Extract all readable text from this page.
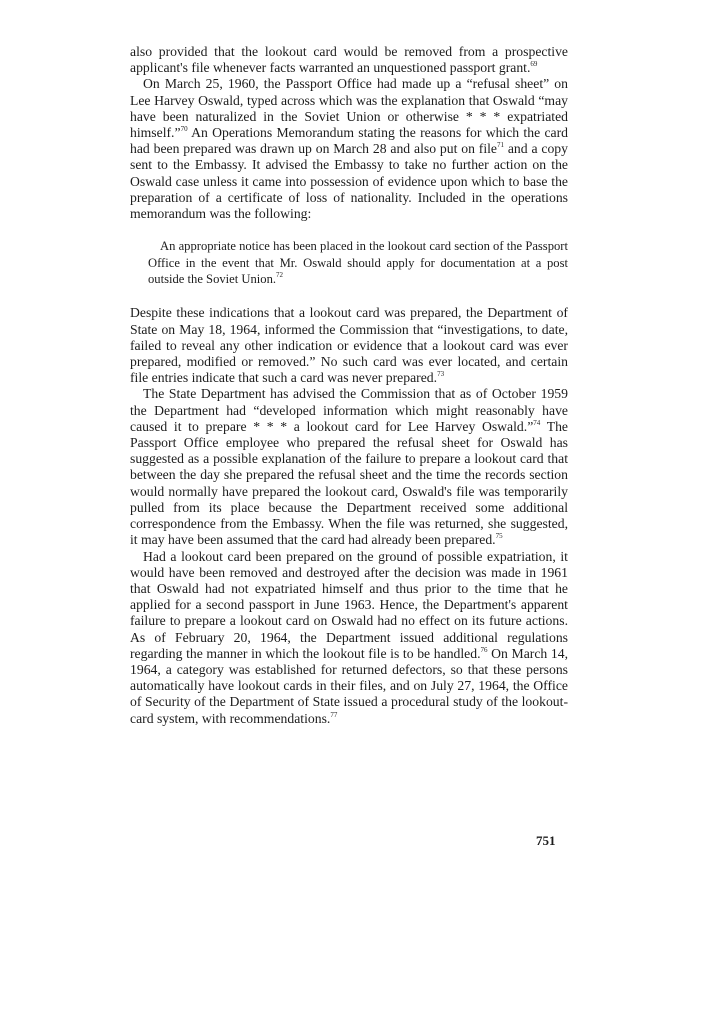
also provided that the lookout card would be removed from a prospective applicant's file whenever facts warranted an unquestioned passport grant.$^{69}$

On March 25, 1960, the Passport Office had made up a “refusal sheet” on Lee Harvey Oswald, typed across which was the explanation that Oswald “may have been naturalized in the Soviet Union or otherwise * * * expatriated himself.”$^{70}$ An Operations Memorandum stating the reasons for which the card had been prepared was drawn up on March 28 and also put on file$^{71}$ and a copy sent to the Embassy. It advised the Embassy to take no further action on the Oswald case unless it came into possession of evidence upon which to base the preparation of a certificate of loss of nationality. Included in the operations memorandum was the following:

An appropriate notice has been placed in the lookout card section of the Passport Office in the event that Mr. Oswald should apply for documentation at a post outside the Soviet Union.$^{72}$

Despite these indications that a lookout card was prepared, the Department of State on May 18, 1964, informed the Commission that “investigations, to date, failed to reveal any other indication or evidence that a lookout card was ever prepared, modified or removed.” No such card was ever located, and certain file entries indicate that such a card was never prepared.$^{73}$

The State Department has advised the Commission that as of October 1959 the Department had “developed information which might reasonably have caused it to prepare * * * a lookout card for Lee Harvey Oswald.”$^{74}$ The Passport Office employee who prepared the refusal sheet for Oswald has suggested as a possible explanation of the failure to prepare a lookout card that between the day she prepared the refusal sheet and the time the records section would normally have prepared the lookout card, Oswald's file was temporarily pulled from its place because the Department received some additional correspondence from the Embassy. When the file was returned, she suggested, it may have been assumed that the card had already been prepared.$^{75}$

Had a lookout card been prepared on the ground of possible expatriation, it would have been removed and destroyed after the decision was made in 1961 that Oswald had not expatriated himself and thus prior to the time that he applied for a second passport in June 1963. Hence, the Department's apparent failure to prepare a lookout card on Oswald had no effect on its future actions. As of February 20, 1964, the Department issued additional regulations regarding the manner in which the lookout file is to be handled.$^{76}$ On March 14, 1964, a category was established for returned defectors, so that these persons automatically have lookout cards in their files, and on July 27, 1964, the Office of Security of the Department of State issued a procedural study of the lookout-card system, with recommendations.$^{77}$

751
